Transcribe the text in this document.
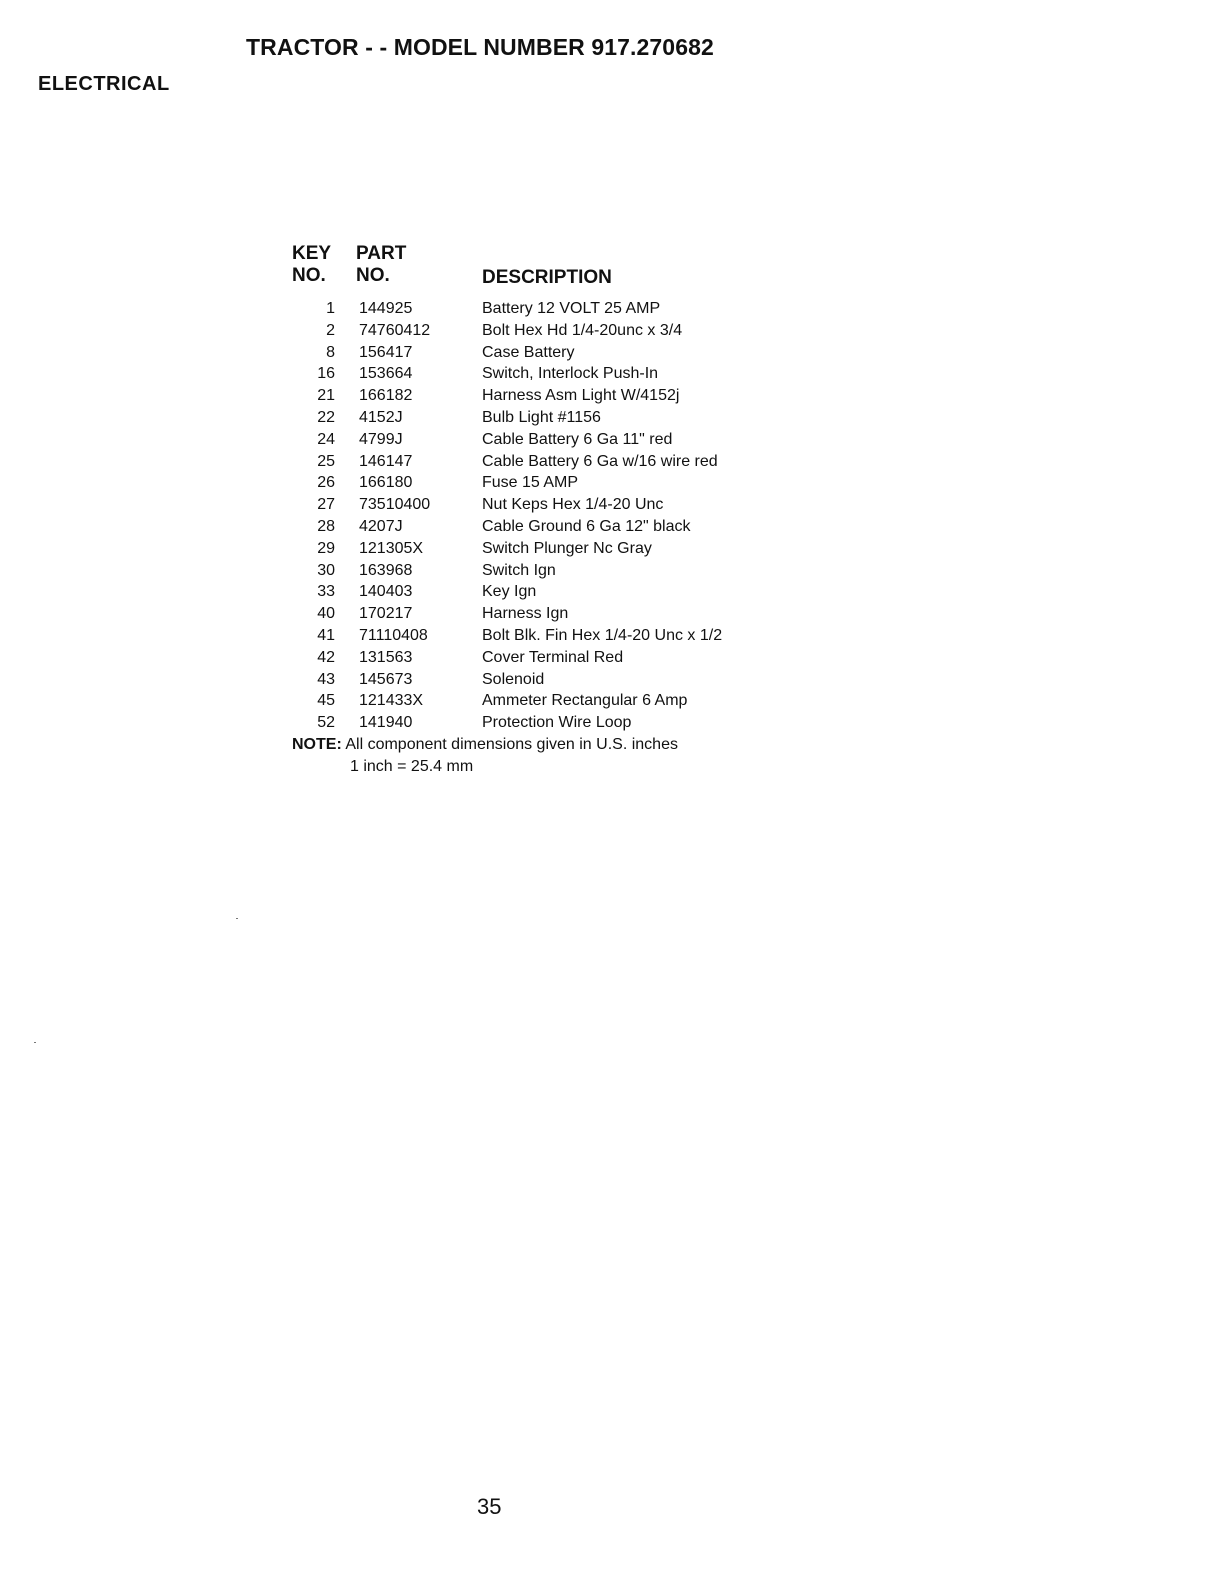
TRACTOR - - MODEL NUMBER 917.270682
ELECTRICAL
KEY
NO.
PART
NO.	DESCRIPTION
1 144925	Battery 12 VOLT 25 AMP
2 74760412	Bolt Hex Hd 1/4-20unc x 3/4
8 156417	Case Battery
16 153664	Switch, Interlock Push-In
21 166182	Harness Asm Light W/4152j
22 4152J	Bulb Light #1156
24 4799J	Cable Battery 6 Ga 11" red
25 146147	Cable Battery 6 Ga w/16 wire red
26 166180	Fuse 15 AMP
27 73510400	Nut Keps Hex 1/4-20 Unc
28 4207J	Cable Ground 6 Ga 12" black
29 121305X	Switch Plunger Nc Gray
30 163968	Switch Ign
33 140403	Key Ign
40 170217	Harness Ign
41 71110408	Bolt Blk. Fin Hex 1/4-20 Unc x 1/2
42 131563	Cover Terminal Red
43 145673	Solenoid
45 121433X	Ammeter Rectangular 6 Amp
52 141940	Protection Wire Loop
NOTE: All component dimensions given in U.S. inches
1 inch = 25.4 mm
35
